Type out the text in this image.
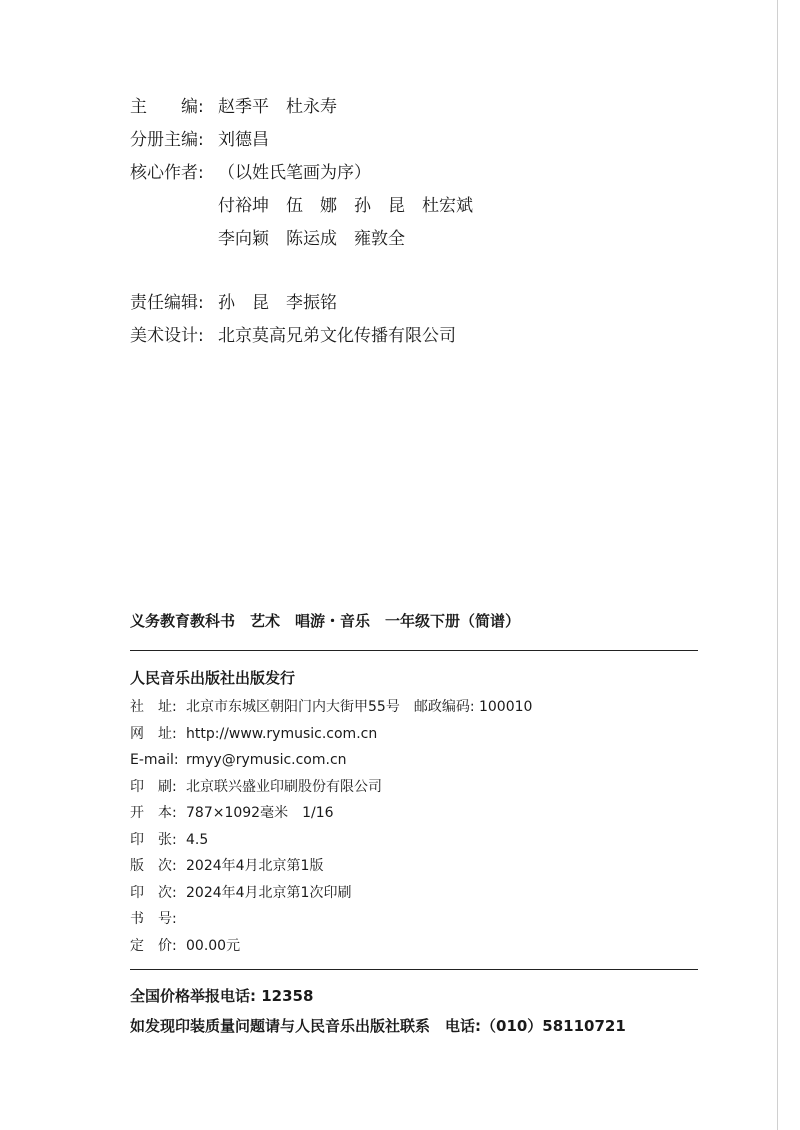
主　　编: 赵季平　杜永寿
分册主编: 刘德昌
核心作者: （以姓氏笔画为序）
付裕坤　伍　娜　孙　昆　杜宏斌
李向颖　陈运成　雍敦全
责任编辑: 孙　昆　李振铭
美术设计: 北京莫高兄弟文化传播有限公司
义务教育教科书　艺术　唱游・音乐　一年级下册（简谱）
人民音乐出版社出版发行
社　址: 北京市东城区朝阳门内大街甲55号　邮政编码: 100010
网　址: http://www.rymusic.com.cn
E-mail: rmyy@rymusic.com.cn
印　刷: 北京联兴盛业印刷股份有限公司
开　本: 787×1092毫米　1/16
印　张: 4.5
版　次: 2024年4月北京第1版
印　次: 2024年4月北京第1次印刷
书　号:
定　价: 00.00元
全国价格举报电话: 12358
如发现印装质量问题请与人民音乐出版社联系　电话:（010）58110721
